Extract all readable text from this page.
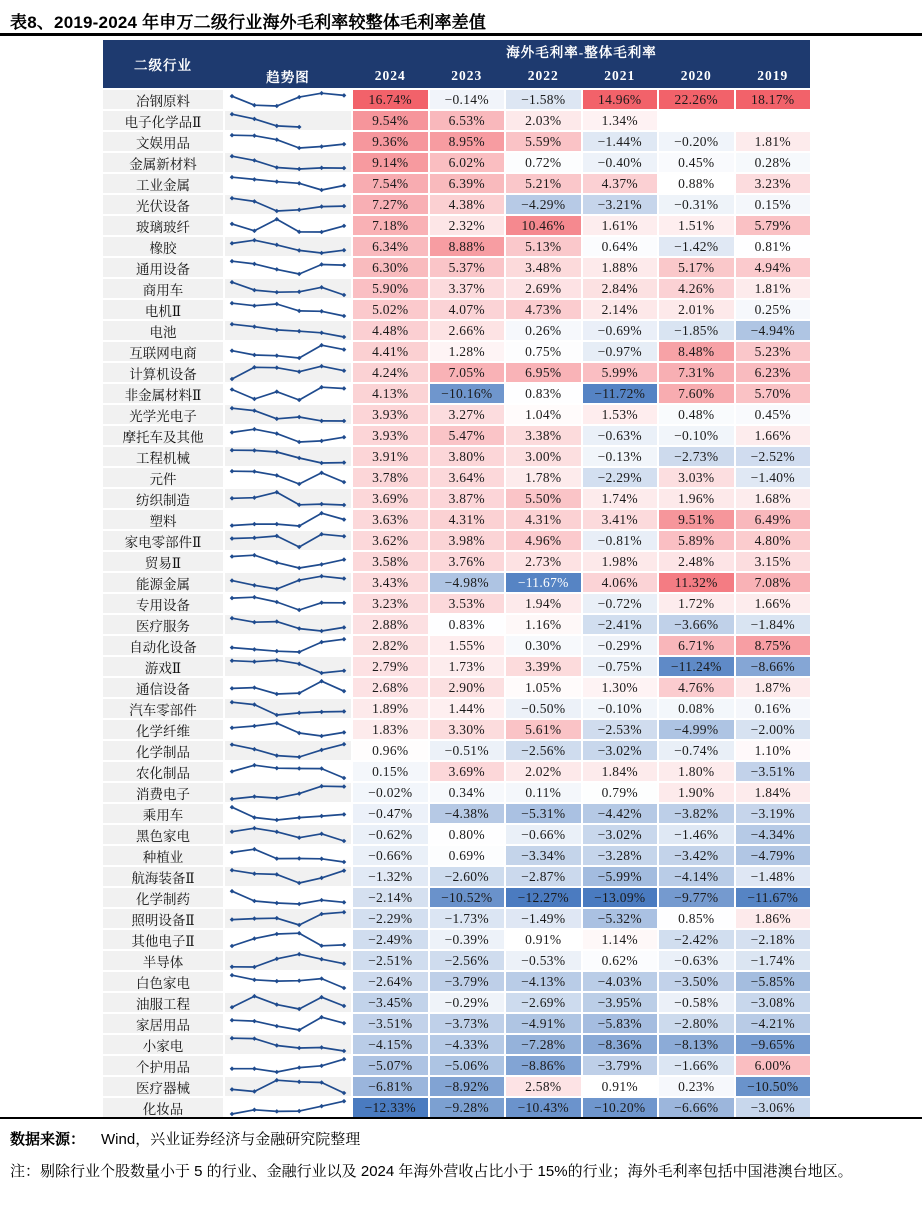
表8、2019-2024 年申万二级行业海外毛利率较整体毛利率差值
二级行业
趋势图
海外毛利率-整体毛利率
2024	2023	2022	2021	2020	2019
冶钢原料	16.74%	−0.14%	−1.58%	14.96%	22.26%	18.17%
电子化学品Ⅱ	9.54%	6.53%	2.03%	1.34%
文娱用品	9.36%	8.95%	5.59%	−1.44%	−0.20%	1.81%
金属新材料	9.14%	6.02%	0.72%	−0.40%	0.45%	0.28%
工业金属	7.54%	6.39%	5.21%	4.37%	0.88%	3.23%
光伏设备	7.27%	4.38%	−4.29%	−3.21%	−0.31%	0.15%
玻璃玻纤	7.18%	2.32%	10.46%	1.61%	1.51%	5.79%
橡胶	6.34%	8.88%	5.13%	0.64%	−1.42%	0.81%
通用设备	6.30%	5.37%	3.48%	1.88%	5.17%	4.94%
商用车	5.90%	3.37%	2.69%	2.84%	4.26%	1.81%
电机Ⅱ	5.02%	4.07%	4.73%	2.14%	2.01%	0.25%
电池	4.48%	2.66%	0.26%	−0.69%	−1.85%	−4.94%
互联网电商	4.41%	1.28%	0.75%	−0.97%	8.48%	5.23%
计算机设备	4.24%	7.05%	6.95%	5.99%	7.31%	6.23%
非金属材料Ⅱ	4.13%	−10.16%	0.83%	−11.72%	7.60%	5.70%
光学光电子	3.93%	3.27%	1.04%	1.53%	0.48%	0.45%
摩托车及其他	3.93%	5.47%	3.38%	−0.63%	−0.10%	1.66%
工程机械	3.91%	3.80%	3.00%	−0.13%	−2.73%	−2.52%
元件	3.78%	3.64%	1.78%	−2.29%	3.03%	−1.40%
纺织制造	3.69%	3.87%	5.50%	1.74%	1.96%	1.68%
塑料	3.63%	4.31%	4.31%	3.41%	9.51%	6.49%
家电零部件Ⅱ	3.62%	3.98%	4.96%	−0.81%	5.89%	4.80%
贸易Ⅱ	3.58%	3.76%	2.73%	1.98%	2.48%	3.15%
能源金属	3.43%	−4.98%	−11.67%	4.06%	11.32%	7.08%
专用设备	3.23%	3.53%	1.94%	−0.72%	1.72%	1.66%
医疗服务	2.88%	0.83%	1.16%	−2.41%	−3.66%	−1.84%
自动化设备	2.82%	1.55%	0.30%	−0.29%	6.71%	8.75%
游戏Ⅱ	2.79%	1.73%	3.39%	−0.75%	−11.24%	−8.66%
通信设备	2.68%	2.90%	1.05%	1.30%	4.76%	1.87%
汽车零部件	1.89%	1.44%	−0.50%	−0.10%	0.08%	0.16%
化学纤维	1.83%	3.30%	5.61%	−2.53%	−4.99%	−2.00%
化学制品	0.96%	−0.51%	−2.56%	−3.02%	−0.74%	1.10%
农化制品	0.15%	3.69%	2.02%	1.84%	1.80%	−3.51%
消费电子	−0.02%	0.34%	0.11%	0.79%	1.90%	1.84%
乘用车	−0.47%	−4.38%	−5.31%	−4.42%	−3.82%	−3.19%
黑色家电	−0.62%	0.80%	−0.66%	−3.02%	−1.46%	−4.34%
种植业	−0.66%	0.69%	−3.34%	−3.28%	−3.42%	−4.79%
航海装备Ⅱ	−1.32%	−2.60%	−2.87%	−5.99%	−4.14%	−1.48%
化学制药	−2.14%	−10.52%	−12.27%	−13.09%	−9.77%	−11.67%
照明设备Ⅱ	−2.29%	−1.73%	−1.49%	−5.32%	0.85%	1.86%
其他电子Ⅱ	−2.49%	−0.39%	0.91%	1.14%	−2.42%	−2.18%
半导体	−2.51%	−2.56%	−0.53%	0.62%	−0.63%	−1.74%
白色家电	−2.64%	−3.79%	−4.13%	−4.03%	−3.50%	−5.85%
油服工程	−3.45%	−0.29%	−2.69%	−3.95%	−0.58%	−3.08%
家居用品	−3.51%	−3.73%	−4.91%	−5.83%	−2.80%	−4.21%
小家电	−4.15%	−4.33%	−7.28%	−8.36%	−8.13%	−9.65%
个护用品	−5.07%	−5.06%	−8.86%	−3.79%	−1.66%	6.00%
医疗器械	−6.81%	−8.92%	2.58%	0.91%	0.23%	−10.50%
化妆品	−12.33%	−9.28%	−10.43%	−10.20%	−6.66%	−3.06%
数据来源： Wind，兴业证券经济与金融研究院整理
注：剔除行业个股数量小于 5 的行业、金融行业以及 2024 年海外营收占比小于 15%的行业；海外毛利率包括中国港澳台地区。
